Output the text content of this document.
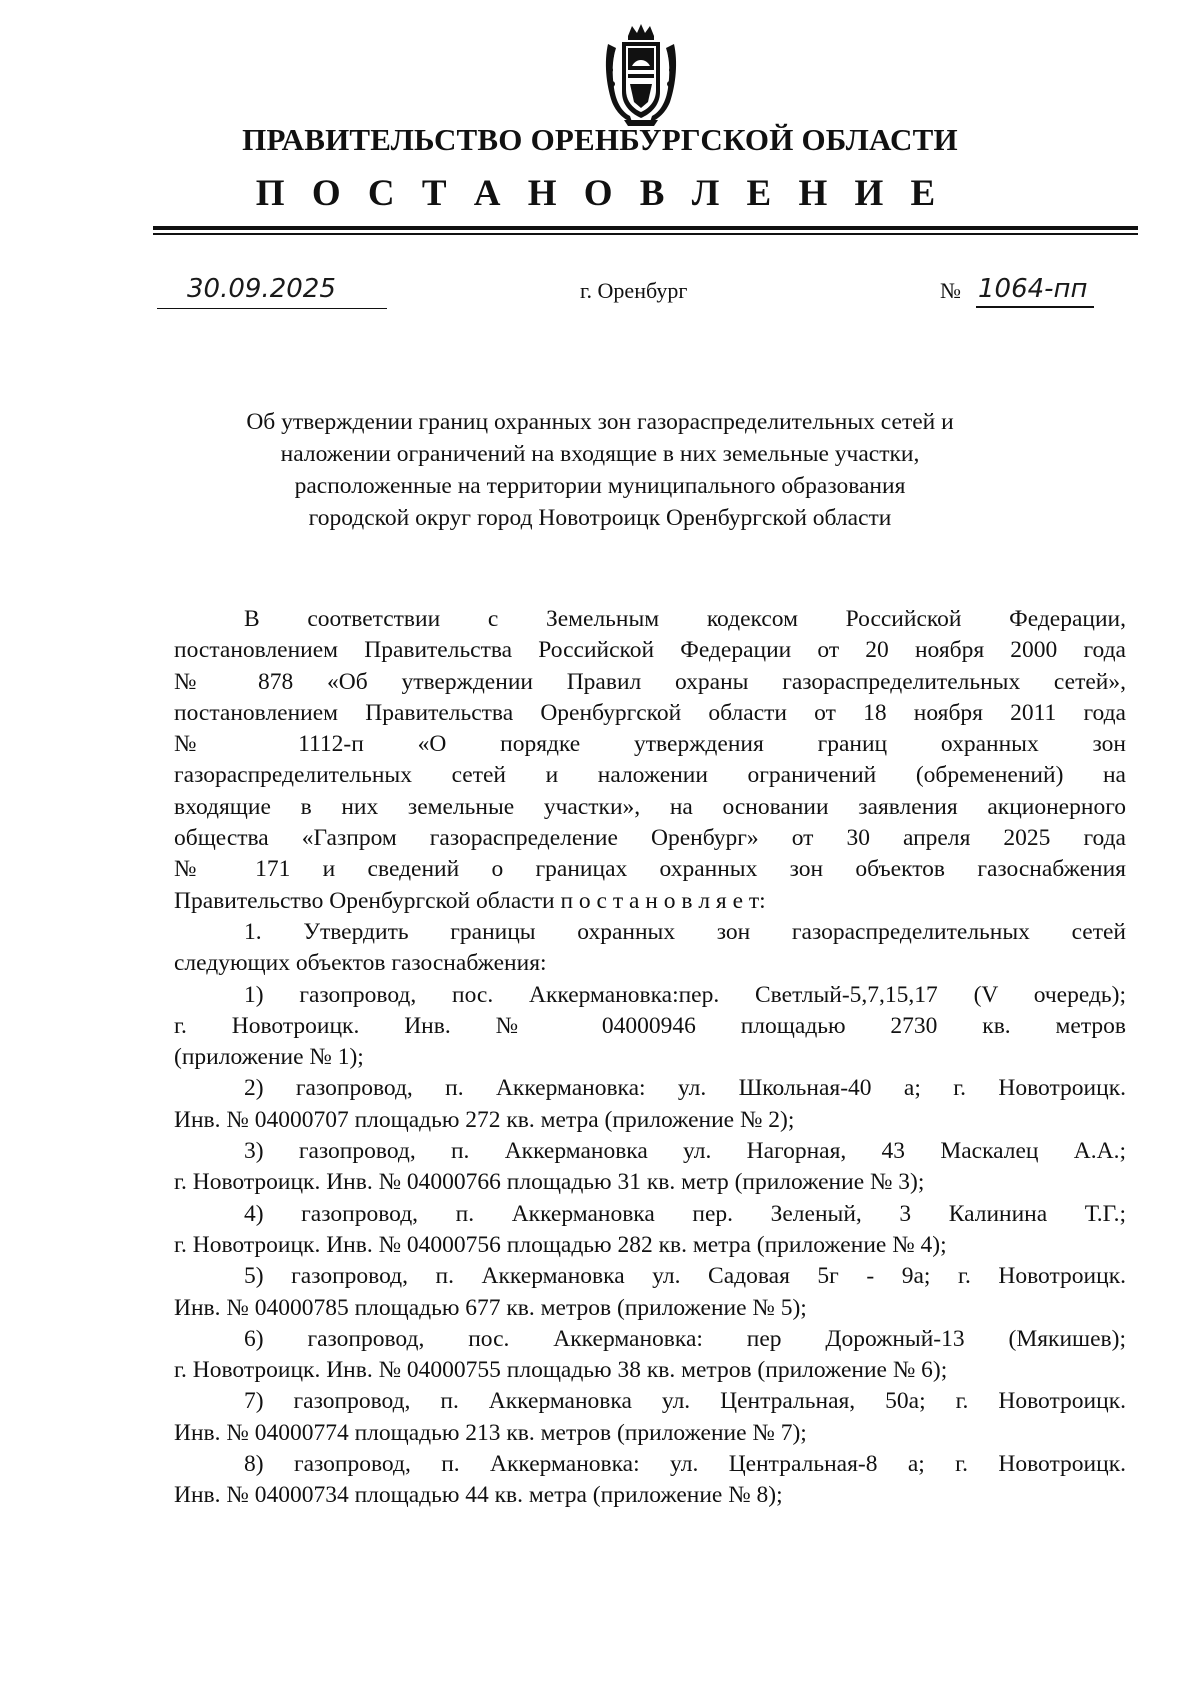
ПРАВИТЕЛЬСТВО ОРЕНБУРГСКОЙ ОБЛАСТИ
П О С Т А Н О В Л Е Н И Е
30.09.2025	г. Оренбург	№ 1064-пп
Об утверждении границ охранных зон газораспределительных сетей и
наложении ограничений на входящие в них земельные участки,
расположенные на территории муниципального образования
городской округ город Новотроицк Оренбургской области
В соответствии с Земельным кодексом Российской Федерации,
постановлением Правительства Российской Федерации от 20 ноября 2000 года
№ 878 «Об утверждении Правил охраны газораспределительных сетей»,
постановлением Правительства Оренбургской области от 18 ноября 2011 года
№ 1112-п «О порядке утверждения границ охранных зон
газораспределительных сетей и наложении ограничений (обременений) на
входящие в них земельные участки», на основании заявления акционерного
общества «Газпром газораспределение Оренбург» от 30 апреля 2025 года
№ 171 и сведений о границах охранных зон объектов газоснабжения
Правительство Оренбургской области п о с т а н о в л я е т:
1. Утвердить границы охранных зон газораспределительных сетей
следующих объектов газоснабжения:
1) газопровод, пос. Аккермановка:пер. Светлый-5,7,15,17 (V очередь);
г. Новотроицк. Инв. № 04000946 площадью 2730 кв. метров
(приложение № 1);
2) газопровод, п. Аккермановка: ул. Школьная-40 а; г. Новотроицк.
Инв. № 04000707 площадью 272 кв. метра (приложение № 2);
3) газопровод, п. Аккермановка ул. Нагорная, 43 Маскалец А.А.;
г. Новотроицк. Инв. № 04000766 площадью 31 кв. метр (приложение № 3);
4) газопровод, п. Аккермановка пер. Зеленый, 3 Калинина Т.Г.;
г. Новотроицк. Инв. № 04000756 площадью 282 кв. метра (приложение № 4);
5) газопровод, п. Аккермановка ул. Садовая 5г - 9а; г. Новотроицк.
Инв. № 04000785 площадью 677 кв. метров (приложение № 5);
6) газопровод, пос. Аккермановка: пер Дорожный-13 (Мякишев);
г. Новотроицк. Инв. № 04000755 площадью 38 кв. метров (приложение № 6);
7) газопровод, п. Аккермановка ул. Центральная, 50а; г. Новотроицк.
Инв. № 04000774 площадью 213 кв. метров (приложение № 7);
8) газопровод, п. Аккермановка: ул. Центральная-8 а; г. Новотроицк.
Инв. № 04000734 площадью 44 кв. метра (приложение № 8);
